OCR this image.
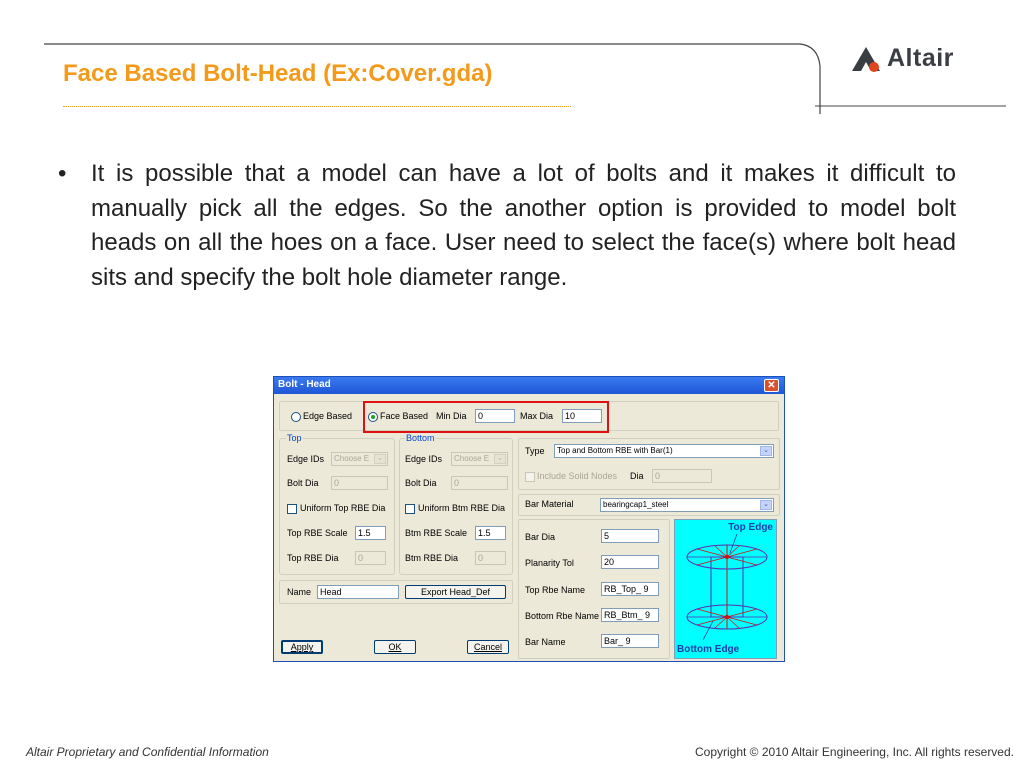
Face Based Bolt-Head (Ex:Cover.gda)
Altair
• It is possible that a model can have a lot of bolts and it makes it difficult to manually pick all the edges. So the another option is provided to model bolt heads on all the hoes on a face. User need to select the face(s) where bolt head sits and specify the bolt hole diameter range.
Bolt - Head	✕
Edge Based	Face Based Min Dia	0	Max Dia	10
Top
Edge IDs	Choose E	⌄
Bolt Dia	0
Uniform Top RBE Dia
Top RBE Scale	1.5
Top RBE Dia	0
Bottom
Edge IDs	Choose E	⌄
Bolt Dia	0
Uniform Btm RBE Dia
Btm RBE Scale	1.5
Btm RBE Dia	0
Name Head	Export Head_Def
Apply	OK	Cancel
Type	Top and Bottom RBE with Bar(1)	⌄
Include Solid Nodes Dia	0
Bar Material	bearingcap1_steel	⌄
Bar Dia	5
Planarity Tol	20
Top Rbe Name	RB_Top_ 9
Bottom Rbe Name RB_Btm_ 9
Bar Name	Bar_ 9
Top Edge
Bottom Edge
Altair Proprietary and Confidential Information	Copyright © 2010 Altair Engineering, Inc. All rights reserved.
